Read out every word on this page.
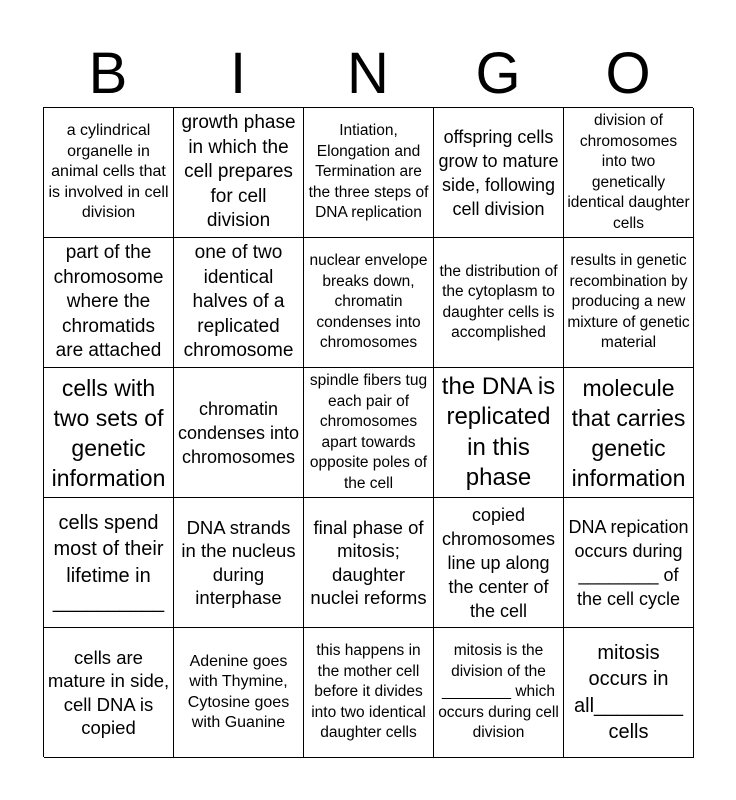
B	I	N	G	O
a cylindrical organelle in animal cells that is involved in cell division
growth phase in which the cell prepares for cell division
Intiation, Elongation and Termination are the three steps of DNA replication
offspring cells grow to mature side, following cell division
division of chromosomes into two genetically identical daughter cells
part of the chromosome where the chromatids are attached
one of two identical halves of a replicated chromosome
nuclear envelope breaks down, chromatin condenses into chromosomes
the distribution of the cytoplasm to daughter cells is accomplished
results in genetic recombination by producing a new mixture of genetic material
cells with two sets of genetic information
chromatin condenses into chromosomes
spindle fibers tug each pair of chromosomes apart towards opposite poles of the cell
the DNA is replicated in this phase
molecule that carries genetic information
cells spend most of their lifetime in __________
DNA strands in the nucleus during interphase
final phase of mitosis; daughter nuclei reforms
copied chromosomes line up along the center of the cell
DNA repication occurs during ________ of the cell cycle
cells are mature in side, cell DNA is copied
Adenine goes with Thymine, Cytosine goes with Guanine
this happens in the mother cell before it divides into two identical daughter cells
mitosis is the division of the ________ which occurs during cell division
mitosis occurs in all________ cells
